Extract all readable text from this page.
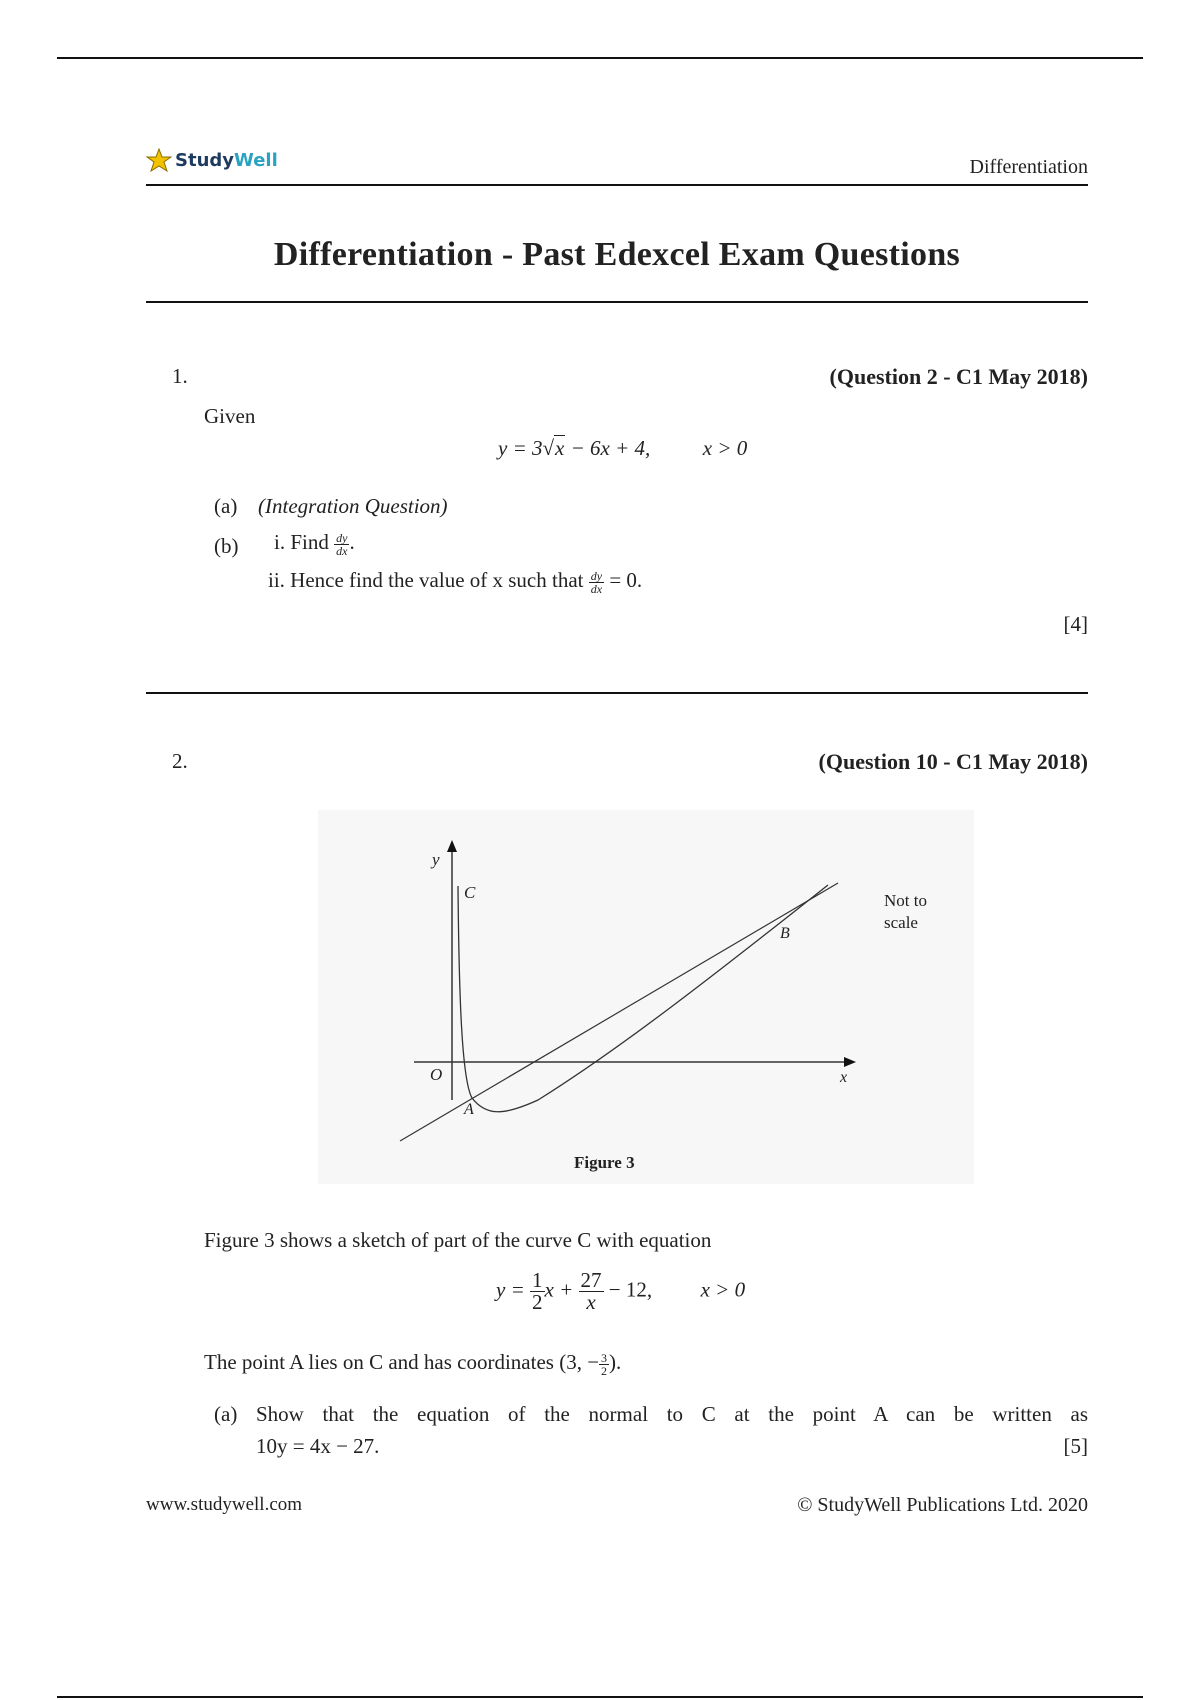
StudyWell	Differentiation
Differentiation - Past Edexcel Exam Questions
1.	(Question 2 - C1 May 2018)
Given
y = 3√x − 6x + 4,	x > 0
(a) (Integration Question)
(b) i. Find $\frac{dy}{dx}$ .
ii. Hence find the value of x such that $\frac{dy}{dx} = 0$.
[4]
2.	(Question 10 - C1 May 2018)
y
C
O
A
B
x
Not to
scale
Figure 3
Figure 3 shows a sketch of part of the curve C with equation
$y = \frac{1}{2}$ $x + \frac{27}{x} - 12$, x > 0
The point A lies on C and has coordinates (3, − $\frac{3}{2}$ ).
(a) Show that the equation of the normal to C at the point A can be written as
10y = 4x − 27.	[5]
www.studywell.com	© StudyWell Publications Ltd. 2020
